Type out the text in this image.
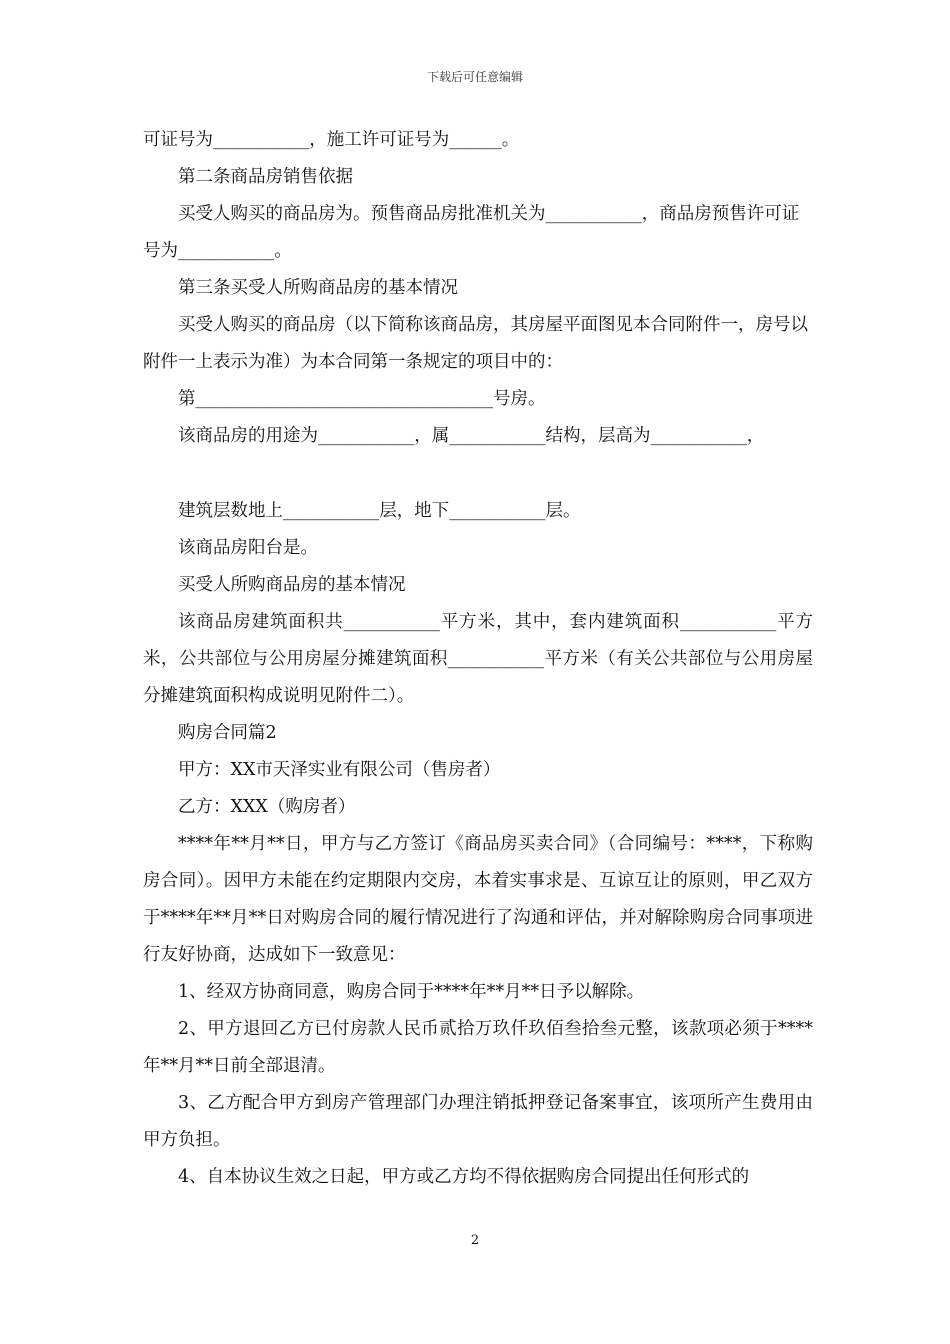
下载后可任意编辑

可证号为___________，施工许可证号为______。

第二条商品房销售依据

买受人购买的商品房为。预售商品房批准机关为___________，商品房预售许可证号为___________。

第三条买受人所购商品房的基本情况

买受人购买的商品房（以下简称该商品房，其房屋平面图见本合同附件一，房号以附件一上表示为准）为本合同第一条规定的项目中的：

第__________________________________号房。

该商品房的用途为___________，属___________结构，层高为___________，

建筑层数地上___________层，地下___________层。

该商品房阳台是。

买受人所购商品房的基本情况

该商品房建筑面积共___________平方米，其中，套内建筑面积___________平方米，公共部位与公用房屋分摊建筑面积___________平方米（有关公共部位与公用房屋分摊建筑面积构成说明见附件二）。

购房合同篇2

甲方：XX市天泽实业有限公司（售房者）

乙方：XXX（购房者）

****年**月**日，甲方与乙方签订《商品房买卖合同》（合同编号：****，下称购房合同）。因甲方未能在约定期限内交房，本着实事求是、互谅互让的原则，甲乙双方于****年**月**日对购房合同的履行情况进行了沟通和评估，并对解除购房合同事项进行友好协商，达成如下一致意见：

1、经双方协商同意，购房合同于****年**月**日予以解除。

2、甲方退回乙方已付房款人民币贰拾万玖仟玖佰叁拾叁元整，该款项必须于****年**月**日前全部退清。

3、乙方配合甲方到房产管理部门办理注销抵押登记备案事宜，该项所产生费用由甲方负担。

4、自本协议生效之日起，甲方或乙方均不得依据购房合同提出任何形式的

2
